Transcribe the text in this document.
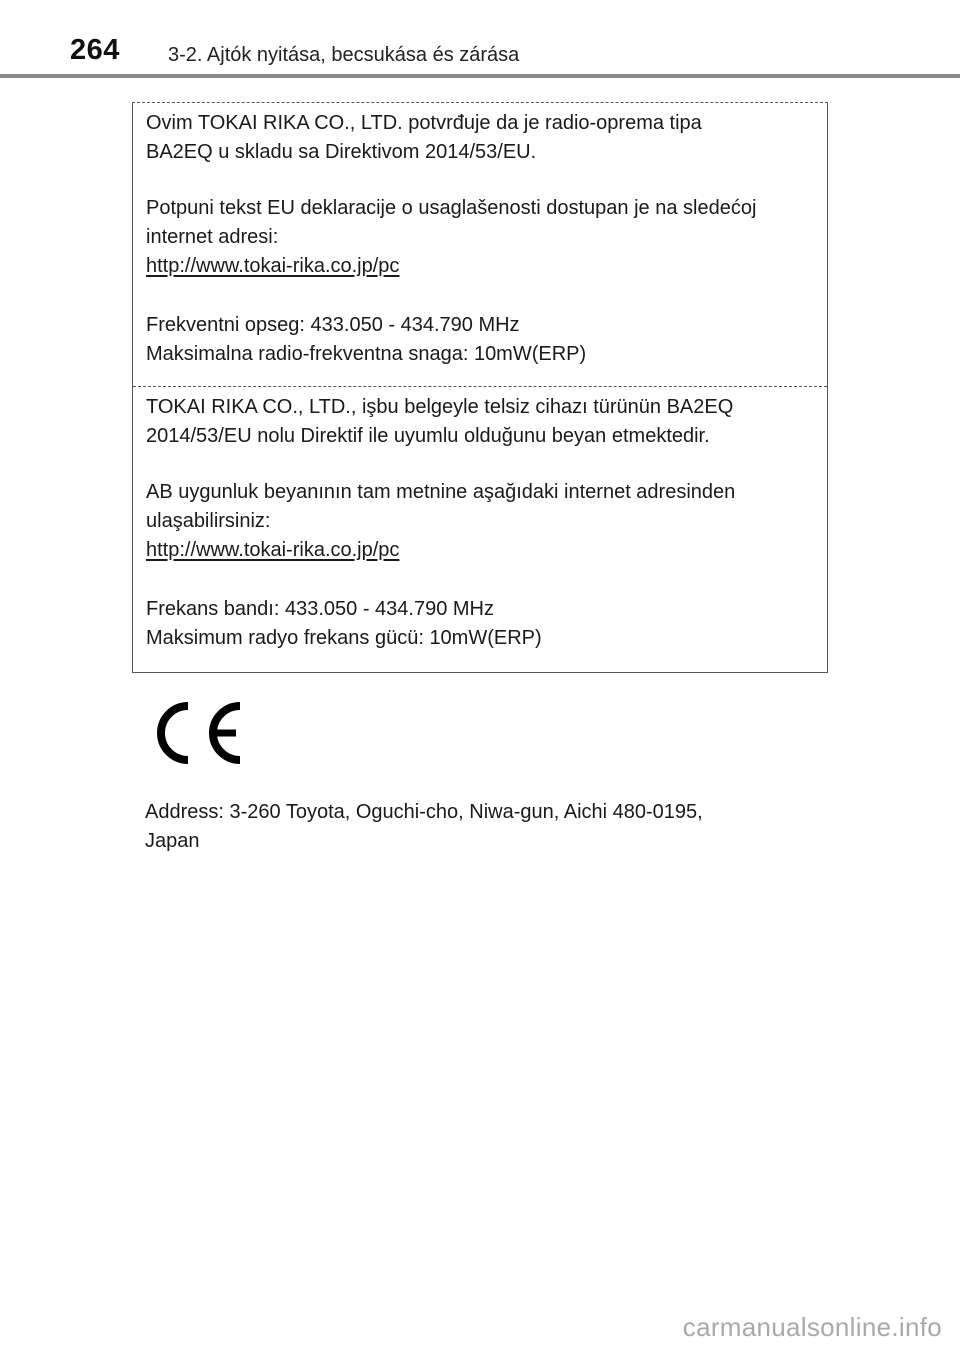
264 3-2. Ajtók nyitása, becsukása és zárása
Ovim TOKAI RIKA CO., LTD. potvrđuje da je radio-oprema tipa
BA2EQ u skladu sa Direktivom 2014/53/EU.
Potpuni tekst EU deklaracije o usaglašenosti dostupan je na sledećoj
internet adresi:
http://www.tokai-rika.co.jp/pc
Frekventni opseg: 433.050 - 434.790 MHz
Maksimalna radio-frekventna snaga: 10mW(ERP)
TOKAI RIKA CO., LTD., işbu belgeyle telsiz cihazı türünün BA2EQ
2014/53/EU nolu Direktif ile uyumlu olduğunu beyan etmektedir.
AB uygunluk beyanının tam metnine aşağıdaki internet adresinden
ulaşabilirsiniz:
http://www.tokai-rika.co.jp/pc
Frekans bandı: 433.050 - 434.790 MHz
Maksimum radyo frekans gücü: 10mW(ERP)
Address: 3-260 Toyota, Oguchi-cho, Niwa-gun, Aichi 480-0195,
Japan
carmanualsonline.info
